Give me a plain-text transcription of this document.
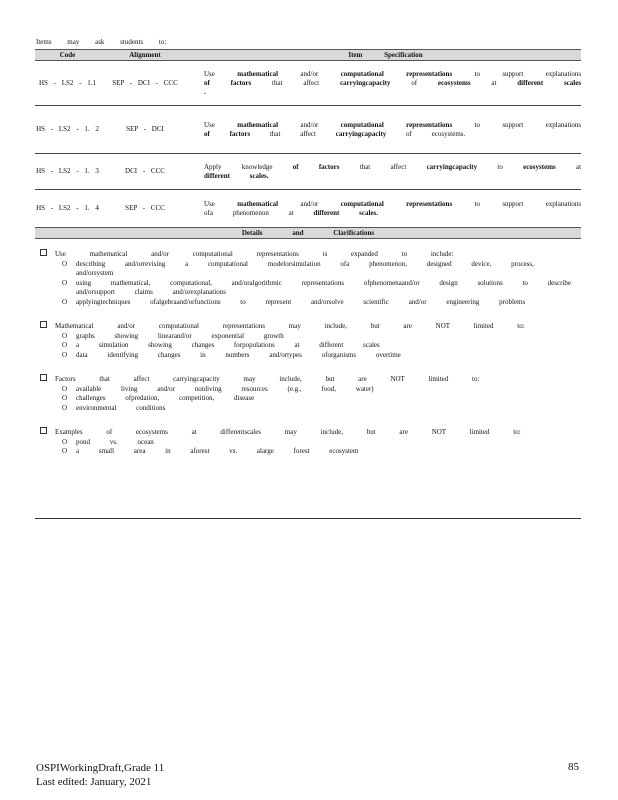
Items may ask students to:
Code	Alignment	Item Specification
HS - LS2 - 1.1	SEP - DCI - CCC	Use mathematical and/or computational representations to support explanations of factors that affect carryingcapacity of ecosystems at different scales .
HS - LS2 - 1. 2	SEP - DCI	Use mathematical and/or computational representations to support explanations of factors that affect carryingcapacity of ecosystems.
HS - LS2 - 1. 3	DCI - CCC	Apply knowledge of factors that affect carryingcapacity to ecosystems at different scales.
HS - LS2 - 1. 4	SEP - CCC	Use mathematical and/or computational representations to support explanations ofa phenomenon at different scales.
Details and Clarifications		
Use mathematical and/or computational representations is expanded to include:
O	describing and/orrevising a computational modelorsimulation ofa phenomenon, designed device, process, and/orsystem
O	using mathematical, computational, and/oralgorithmic representations ofphenomenaand/or design solutions to describe and/orsupport claims and/orexplanations
O	applyingtechniques ofalgebraand/orfunctions to represent and/orsolve scientific and/or engineering problems
Mathematical and/or computational representations may include, but are NOT limited to:
O	graphs showing linearand/or exponential growth
O	a simulation showing changes forpopulations at different scales
O	data identifying changes in numbers and/ortypes oforganisms overtime
Factors that affect carryingcapacity may include, but are NOT limited to:
O	available living and/or nonliving resources (e.g., food, water)
O	challenges ofpredation, competition, disease
O	environmental conditions
Examples of ecosystems at differentscales may include, but are NOT limited to:
O	pond vs. ocean
O	a small area in aforest vs. alarge forest ecosystem
OSPIWorkingDraft,Grade 11
Last edited: January, 2021
85
